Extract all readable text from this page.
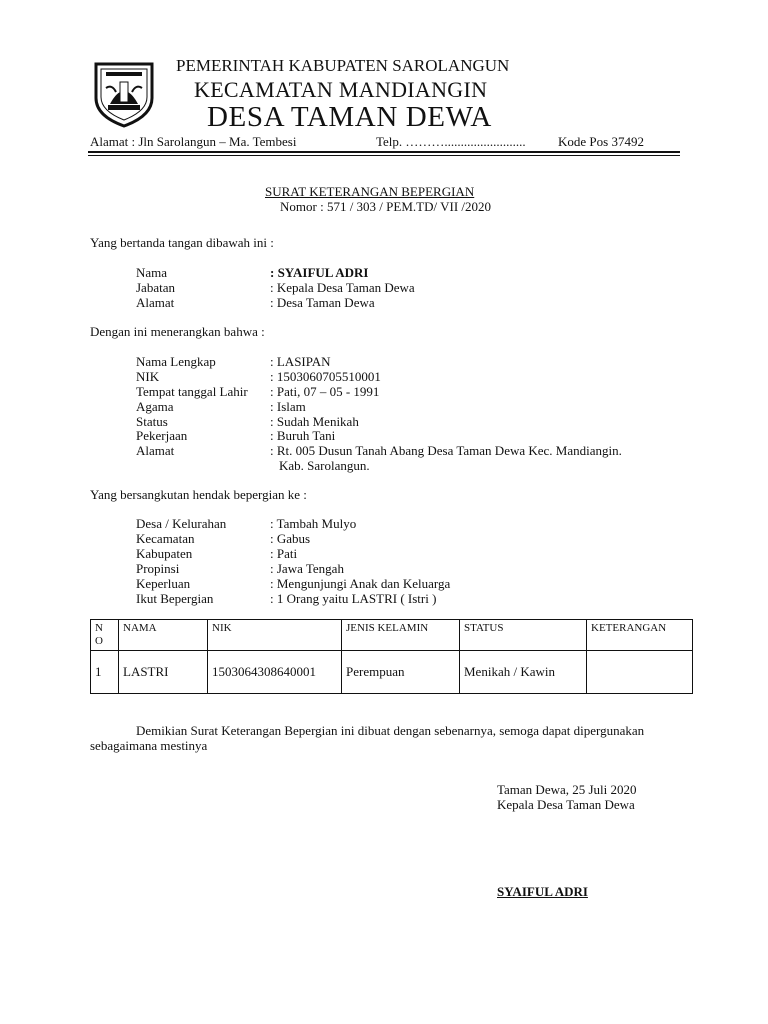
PEMERINTAH KABUPATEN SAROLANGUN
KECAMATAN MANDIANGIN
DESA TAMAN DEWA
Alamat : Jln Sarolangun – Ma. Tembesi	Telp. ………......................... Kode Pos 37492
SURAT KETERANGAN BEPERGIAN
Nomor : 571 / 303 / PEM.TD/ VII /2020
Yang bertanda tangan dibawah ini :
Nama	: SYAIFUL ADRI
Jabatan	: Kepala Desa Taman Dewa
Alamat	: Desa Taman Dewa
Dengan ini menerangkan bahwa :
Nama Lengkap	: LASIPAN
NIK	: 1503060705510001
Tempat tanggal Lahir : Pati, 07 – 05 - 1991
Agama	: Islam
Status	: Sudah Menikah
Pekerjaan	: Buruh Tani
Alamat	: Rt. 005 Dusun Tanah Abang Desa Taman Dewa Kec. Mandiangin.
Kab. Sarolangun.
Yang bersangkutan hendak bepergian ke :
Desa / Kelurahan	: Tambah Mulyo
Kecamatan	: Gabus
Kabupaten	: Pati
Propinsi	: Jawa Tengah
Keperluan	: Mengunjungi Anak dan Keluarga
Ikut Bepergian	: 1 Orang yaitu LASTRI ( Istri )
N
O	NAMA	NIK	JENIS KELAMIN	STATUS	KETERANGAN
1	LASTRI	1503064308640001	Perempuan	Menikah / Kawin	
Demikian Surat Keterangan Bepergian ini dibuat dengan sebenarnya, semoga dapat dipergunakan
sebagaimana mestinya
Taman Dewa, 25 Juli 2020
Kepala Desa Taman Dewa
SYAIFUL ADRI
